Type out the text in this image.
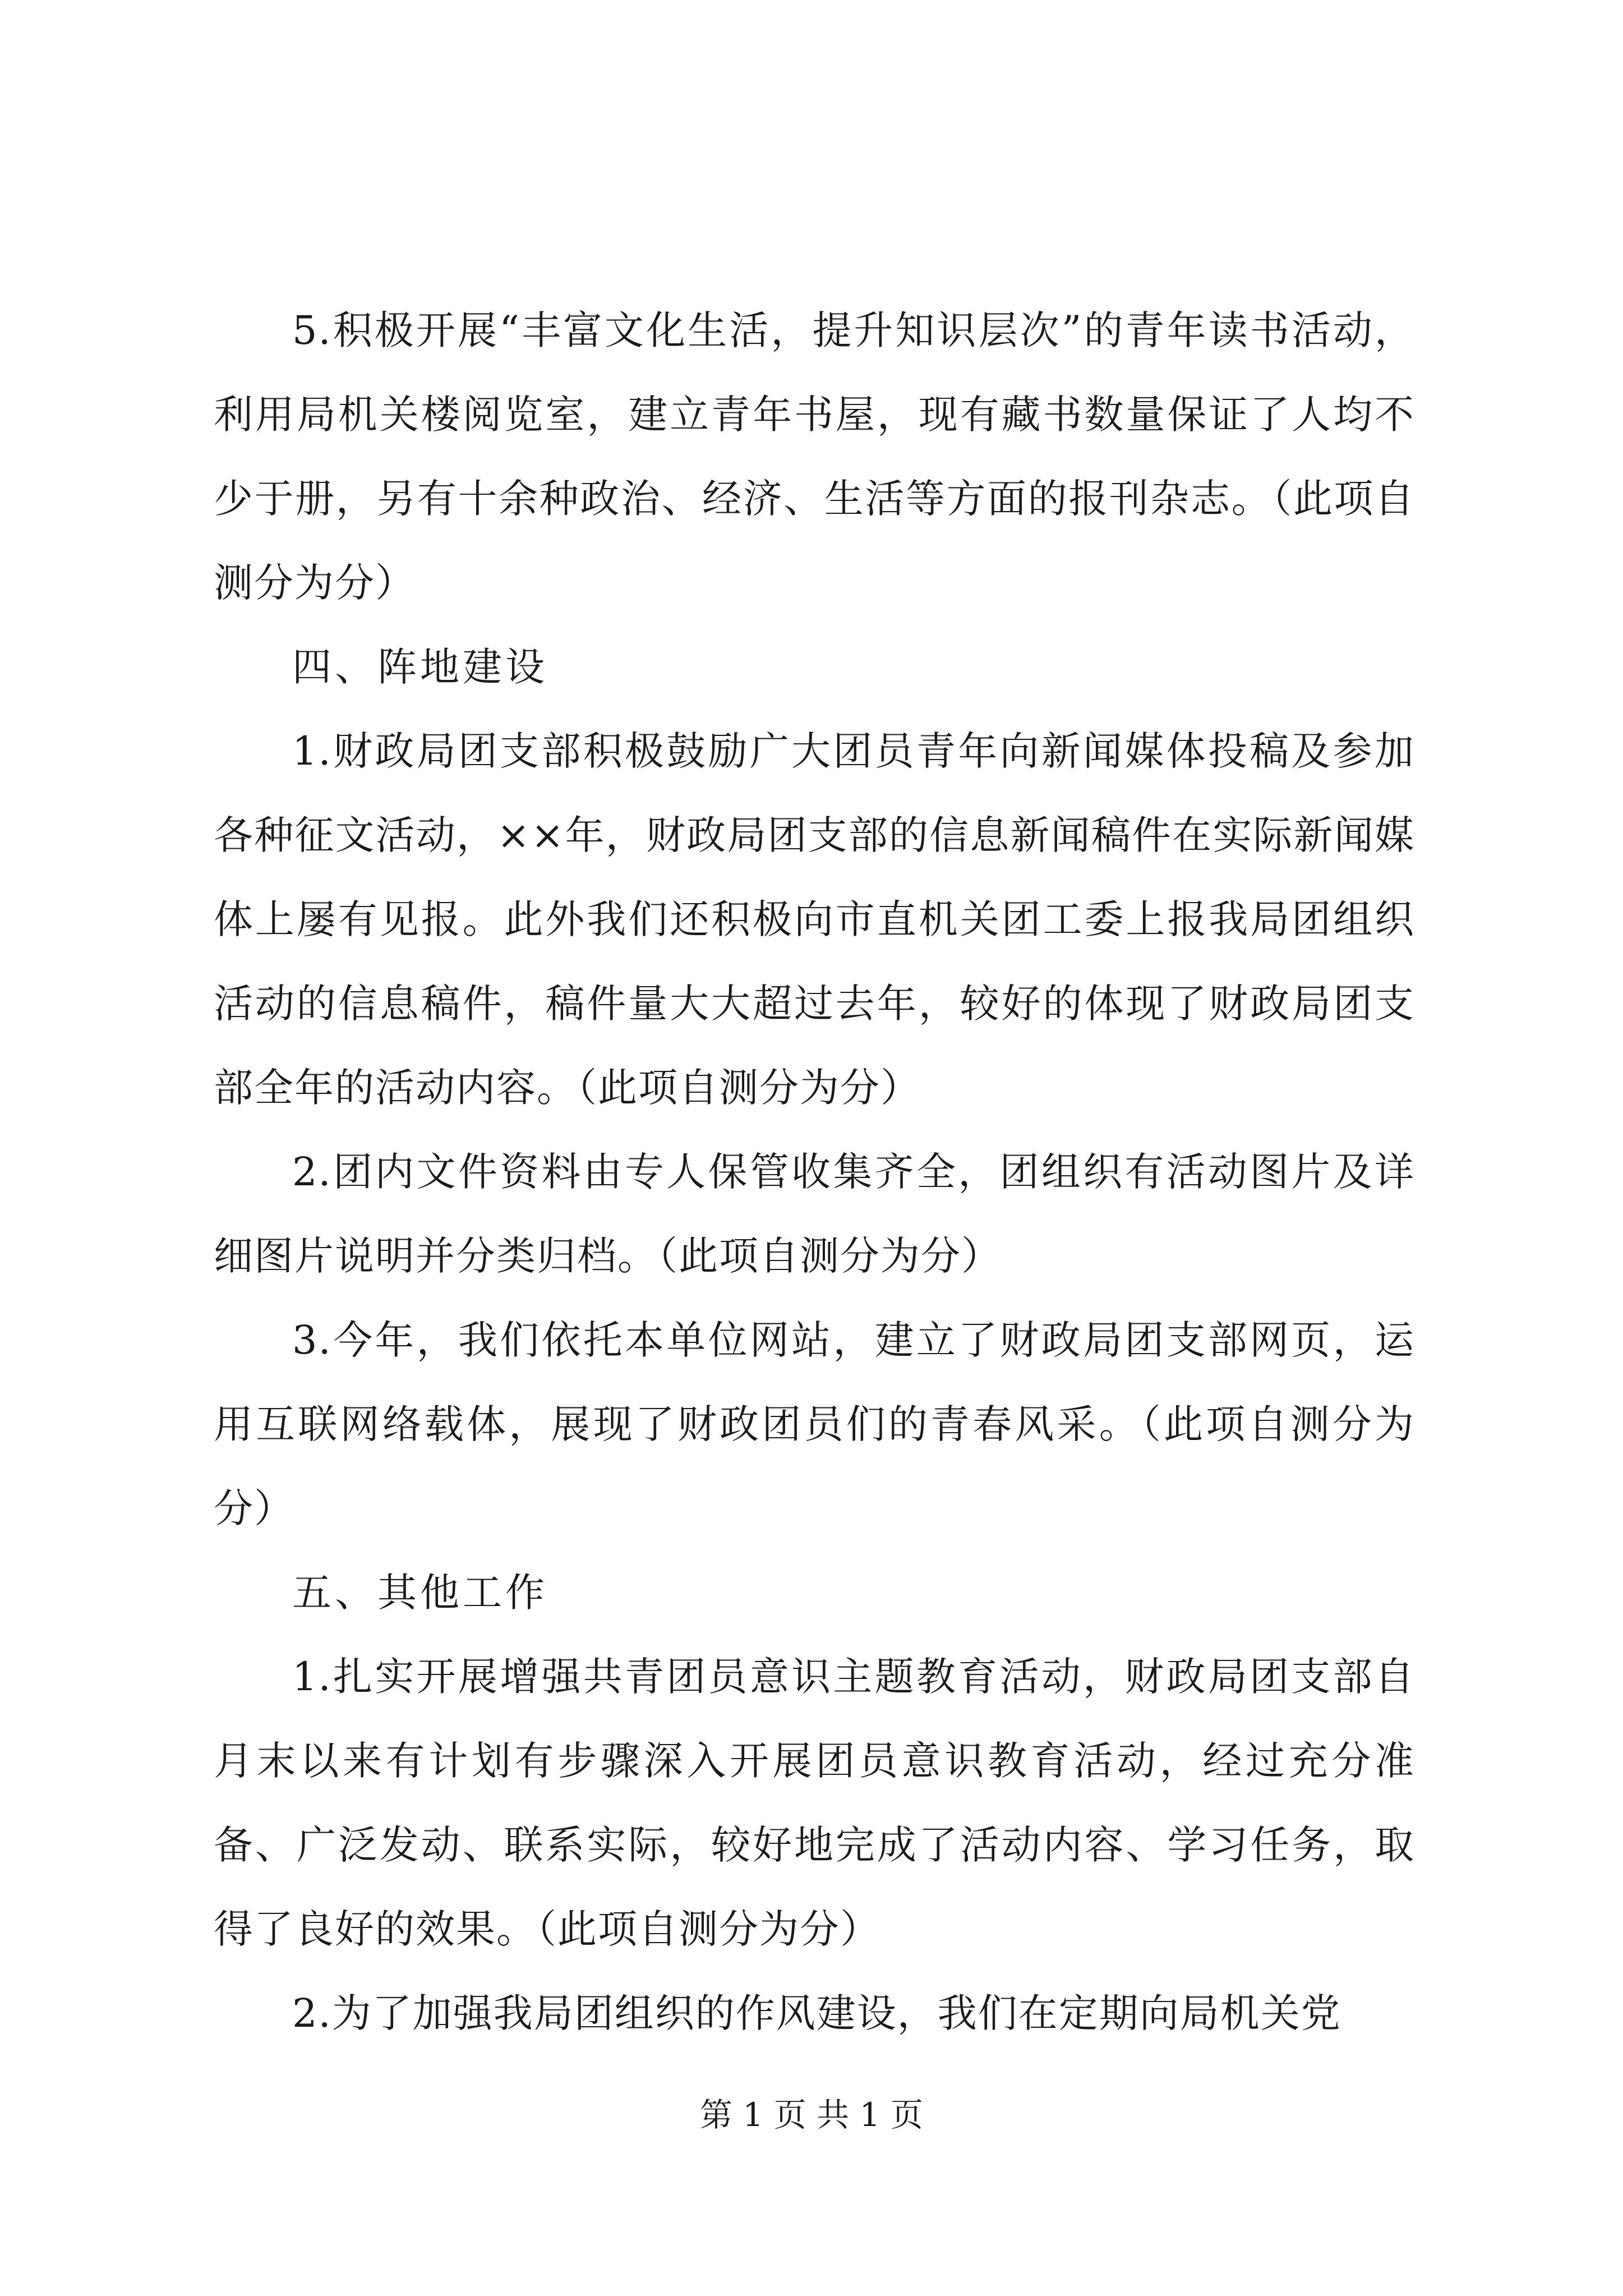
5.积极开展“丰富文化生活，提升知识层次”的青年读书活动，利用局机关楼阅览室，建立青年书屋，现有藏书数量保证了人均不少于册，另有十余种政治、经济、生活等方面的报刊杂志。（此项自测分为分）

四、阵地建设

1.财政局团支部积极鼓励广大团员青年向新闻媒体投稿及参加各种征文活动，××年，财政局团支部的信息新闻稿件在实际新闻媒体上屡有见报。此外我们还积极向市直机关团工委上报我局团组织活动的信息稿件，稿件量大大超过去年，较好的体现了财政局团支部全年的活动内容。（此项自测分为分）

2.团内文件资料由专人保管收集齐全，团组织有活动图片及详细图片说明并分类归档。（此项自测分为分）

3.今年，我们依托本单位网站，建立了财政局团支部网页，运用互联网络载体，展现了财政团员们的青春风采。（此项自测分为分）

五、其他工作

1.扎实开展增强共青团员意识主题教育活动，财政局团支部自月末以来有计划有步骤深入开展团员意识教育活动，经过充分准备、广泛发动、联系实际，较好地完成了活动内容、学习任务，取得了良好的效果。（此项自测分为分）

2.为了加强我局团组织的作风建设，我们在定期向局机关党

第 1 页 共 1 页
